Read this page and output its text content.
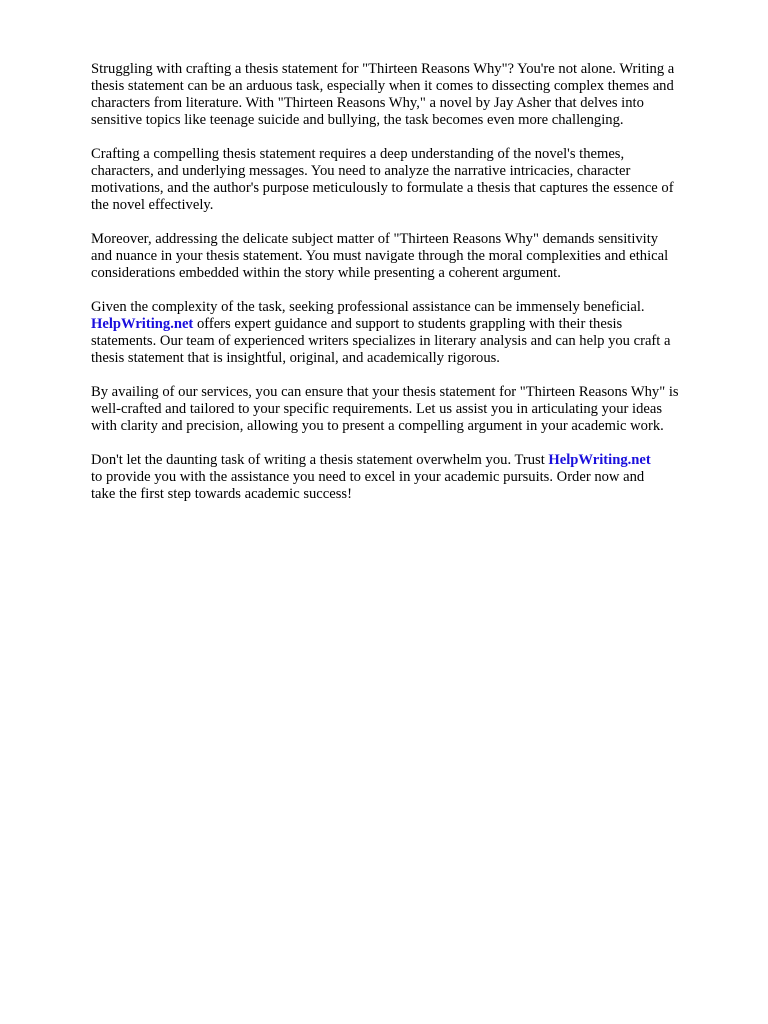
Struggling with crafting a thesis statement for "Thirteen Reasons Why"? You're not alone. Writing a
thesis statement can be an arduous task, especially when it comes to dissecting complex themes and
characters from literature. With "Thirteen Reasons Why," a novel by Jay Asher that delves into
sensitive topics like teenage suicide and bullying, the task becomes even more challenging.

Crafting a compelling thesis statement requires a deep understanding of the novel's themes,
characters, and underlying messages. You need to analyze the narrative intricacies, character
motivations, and the author's purpose meticulously to formulate a thesis that captures the essence of
the novel effectively.

Moreover, addressing the delicate subject matter of "Thirteen Reasons Why" demands sensitivity
and nuance in your thesis statement. You must navigate through the moral complexities and ethical
considerations embedded within the story while presenting a coherent argument.

Given the complexity of the task, seeking professional assistance can be immensely beneficial.
HelpWriting.net offers expert guidance and support to students grappling with their thesis
statements. Our team of experienced writers specializes in literary analysis and can help you craft a
thesis statement that is insightful, original, and academically rigorous.

By availing of our services, you can ensure that your thesis statement for "Thirteen Reasons Why" is
well-crafted and tailored to your specific requirements. Let us assist you in articulating your ideas
with clarity and precision, allowing you to present a compelling argument in your academic work.

Don't let the daunting task of writing a thesis statement overwhelm you. Trust HelpWriting.net
to provide you with the assistance you need to excel in your academic pursuits. Order now and
take the first step towards academic success!
